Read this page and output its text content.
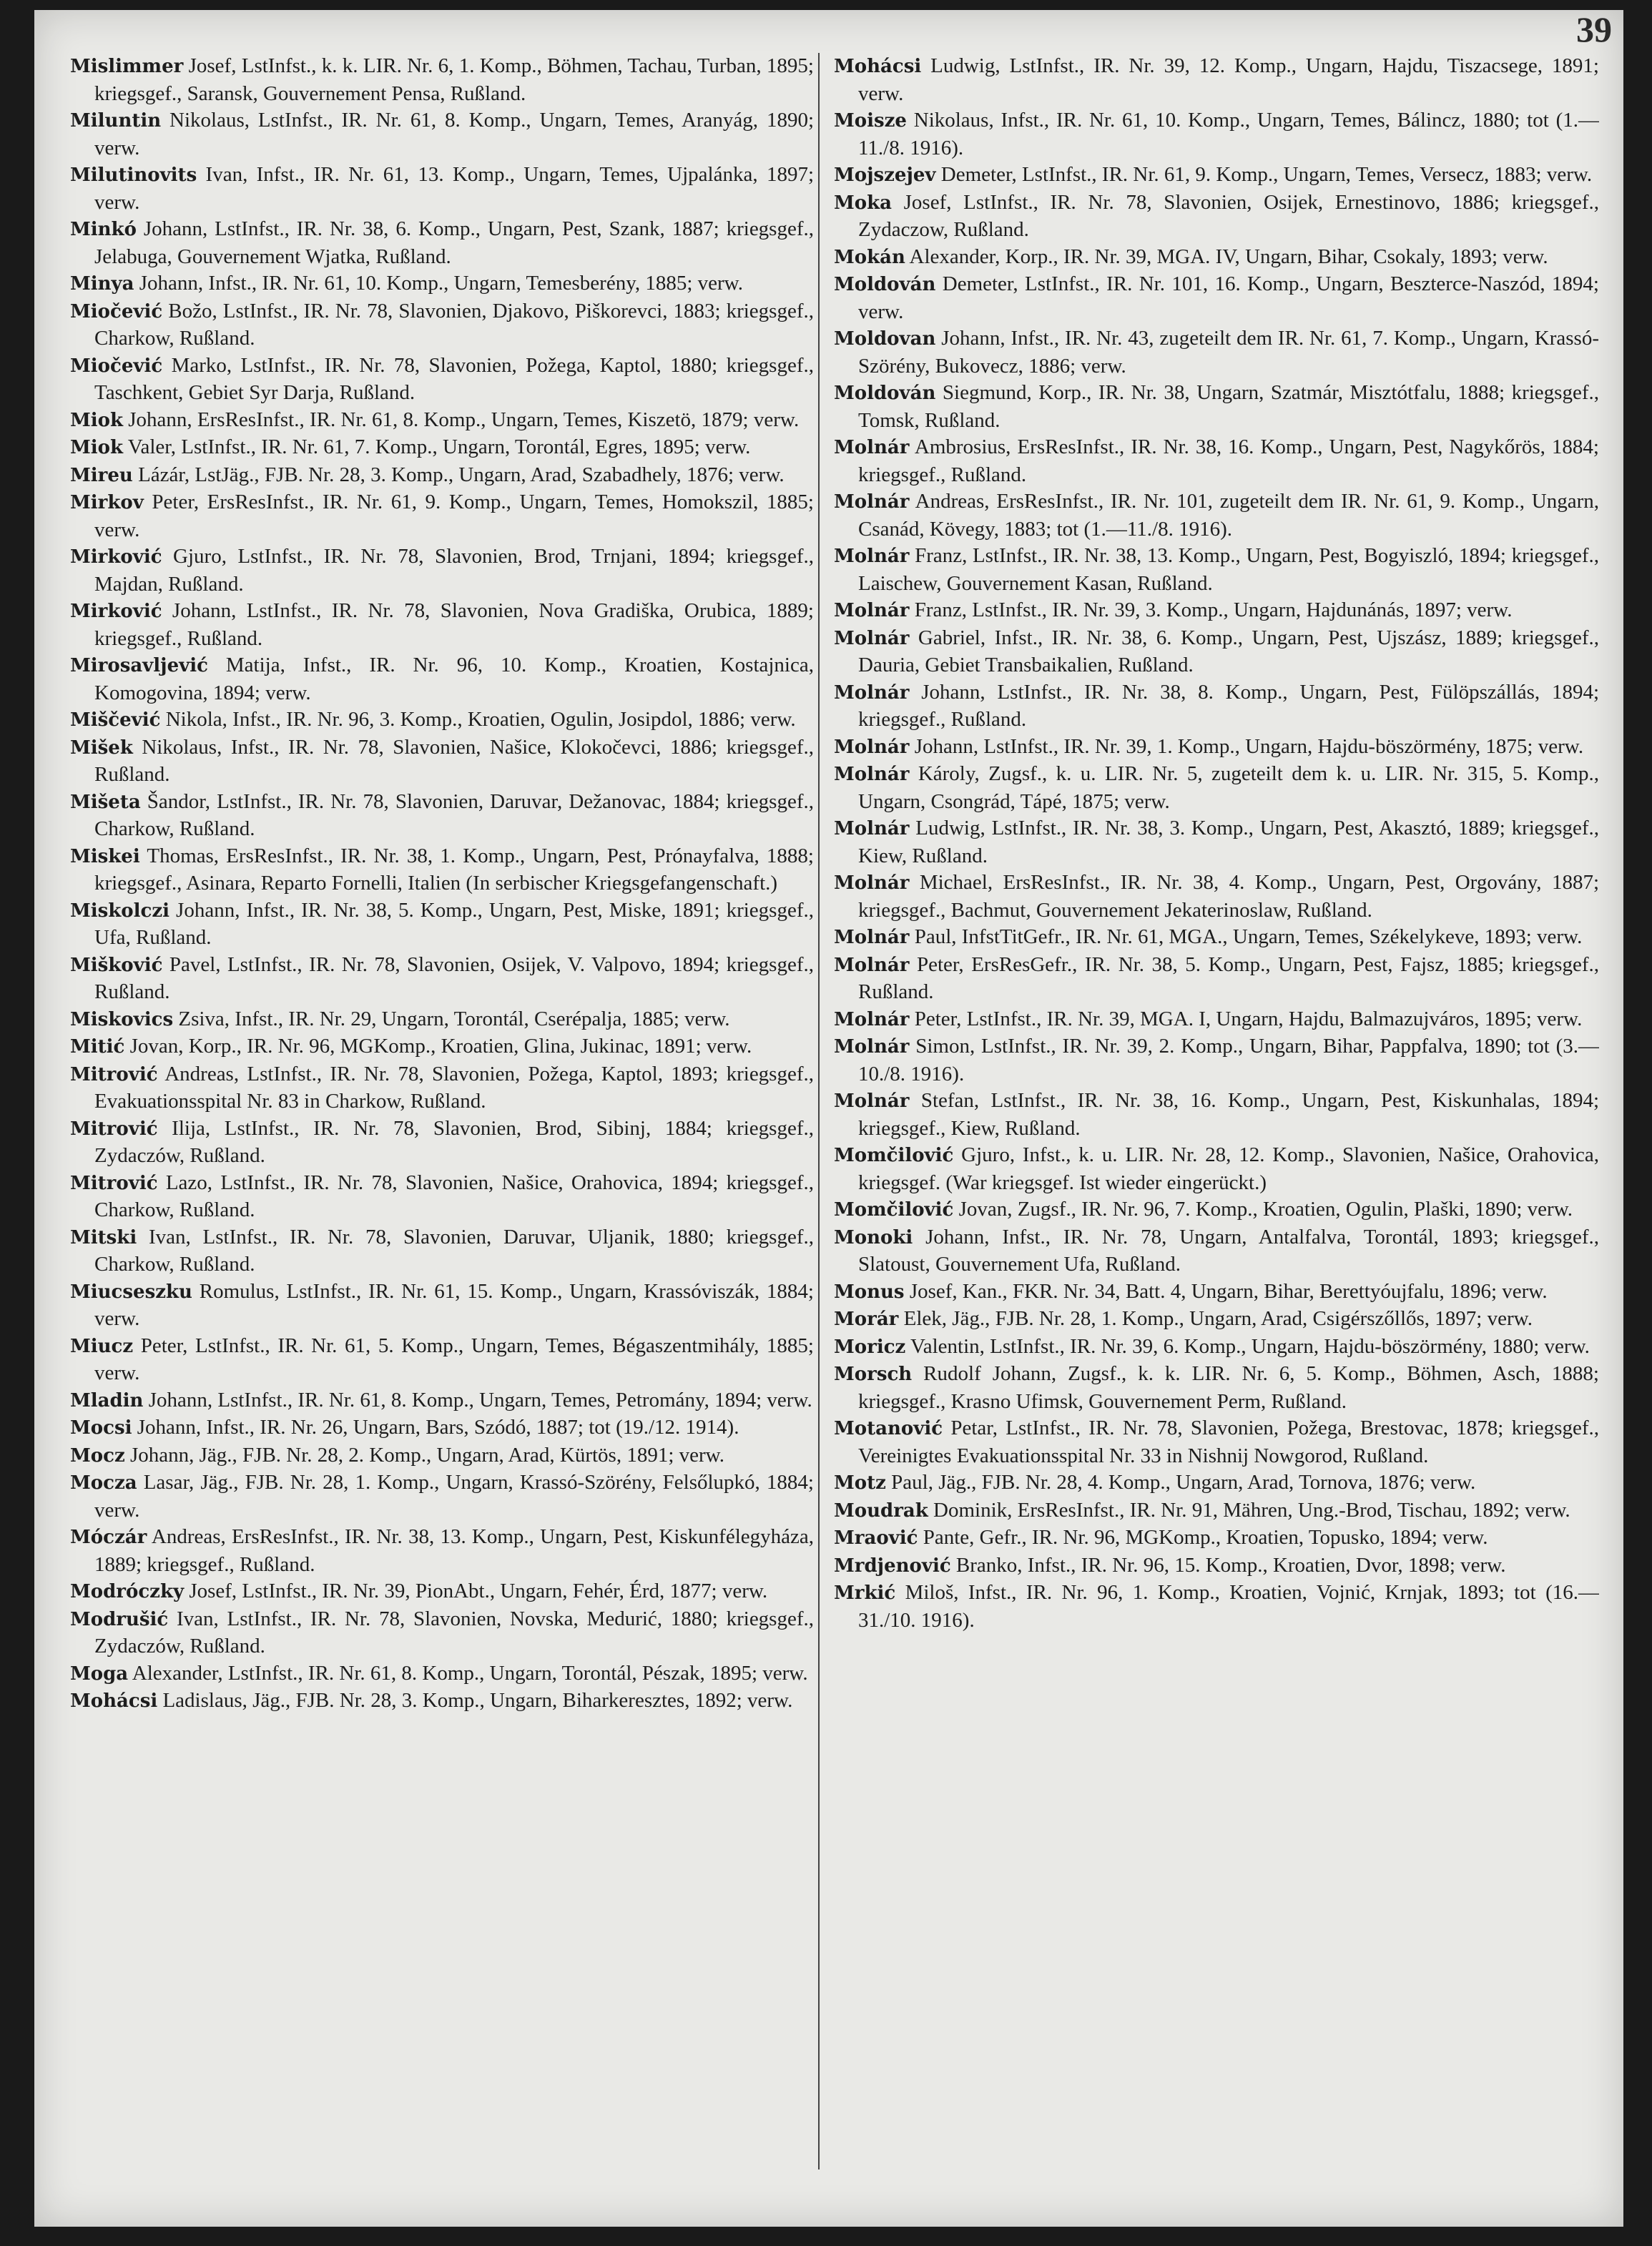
39

Mislimmer Josef, LstInfst., k. k. LIR. Nr. 6, 1. Komp., Böhmen, Tachau, Turban, 1895; kriegsgef., Saransk, Gouvernement Pensa, Rußland.

Miluntin Nikolaus, LstInfst., IR. Nr. 61, 8. Komp., Ungarn, Temes, Aranyág, 1890; verw.

Milutinovits Ivan, Infst., IR. Nr. 61, 13. Komp., Ungarn, Temes, Ujpalánka, 1897; verw.

Minkó Johann, LstInfst., IR. Nr. 38, 6. Komp., Ungarn, Pest, Szank, 1887; kriegsgef., Jelabuga, Gouvernement Wjatka, Rußland.

Minya Johann, Infst., IR. Nr. 61, 10. Komp., Ungarn, Temesberény, 1885; verw.

Miočević Božo, LstInfst., IR. Nr. 78, Slavonien, Djakovo, Piškorevci, 1883; kriegsgef., Charkow, Rußland.

Miočević Marko, LstInfst., IR. Nr. 78, Slavonien, Požega, Kaptol, 1880; kriegsgef., Taschkent, Gebiet Syr Darja, Rußland.

Miok Johann, ErsResInfst., IR. Nr. 61, 8. Komp., Ungarn, Temes, Kiszetö, 1879; verw.

Miok Valer, LstInfst., IR. Nr. 61, 7. Komp., Ungarn, Torontál, Egres, 1895; verw.

Mireu Lázár, LstJäg., FJB. Nr. 28, 3. Komp., Ungarn, Arad, Szabadhely, 1876; verw.

Mirkov Peter, ErsResInfst., IR. Nr. 61, 9. Komp., Ungarn, Temes, Homokszil, 1885; verw.

Mirković Gjuro, LstInfst., IR. Nr. 78, Slavonien, Brod, Trnjani, 1894; kriegsgef., Majdan, Rußland.

Mirković Johann, LstInfst., IR. Nr. 78, Slavonien, Nova Gradiška, Orubica, 1889; kriegsgef., Rußland.

Mirosavljević Matija, Infst., IR. Nr. 96, 10. Komp., Kroatien, Kostajnica, Komogovina, 1894; verw.

Miščević Nikola, Infst., IR. Nr. 96, 3. Komp., Kroatien, Ogulin, Josipdol, 1886; verw.

Mišek Nikolaus, Infst., IR. Nr. 78, Slavonien, Našice, Klokočevci, 1886; kriegsgef., Rußland.

Mišeta Šandor, LstInfst., IR. Nr. 78, Slavonien, Daruvar, Dežanovac, 1884; kriegsgef., Charkow, Rußland.

Miskei Thomas, ErsResInfst., IR. Nr. 38, 1. Komp., Ungarn, Pest, Prónayfalva, 1888; kriegsgef., Asinara, Reparto Fornelli, Italien (In serbischer Kriegsgefangenschaft.)

Miskolczi Johann, Infst., IR. Nr. 38, 5. Komp., Ungarn, Pest, Miske, 1891; kriegsgef., Ufa, Rußland.

Mišković Pavel, LstInfst., IR. Nr. 78, Slavonien, Osijek, V. Valpovo, 1894; kriegsgef., Rußland.

Miskovics Zsiva, Infst., IR. Nr. 29, Ungarn, Torontál, Cserépalja, 1885; verw.

Mitić Jovan, Korp., IR. Nr. 96, MGKomp., Kroatien, Glina, Jukinac, 1891; verw.

Mitrović Andreas, LstInfst., IR. Nr. 78, Slavonien, Požega, Kaptol, 1893; kriegsgef., Evakuationsspital Nr. 83 in Charkow, Rußland.

Mitrović Ilija, LstInfst., IR. Nr. 78, Slavonien, Brod, Sibinj, 1884; kriegsgef., Zydaczów, Rußland.

Mitrović Lazo, LstInfst., IR. Nr. 78, Slavonien, Našice, Orahovica, 1894; kriegsgef., Charkow, Rußland.

Mitski Ivan, LstInfst., IR. Nr. 78, Slavonien, Daruvar, Uljanik, 1880; kriegsgef., Charkow, Rußland.

Miucseszku Romulus, LstInfst., IR. Nr. 61, 15. Komp., Ungarn, Krassóviszák, 1884; verw.

Miucz Peter, LstInfst., IR. Nr. 61, 5. Komp., Ungarn, Temes, Bégaszentmihály, 1885; verw.

Mladin Johann, LstInfst., IR. Nr. 61, 8. Komp., Ungarn, Temes, Petromány, 1894; verw.

Mocsi Johann, Infst., IR. Nr. 26, Ungarn, Bars, Szódó, 1887; tot (19./12. 1914).

Mocz Johann, Jäg., FJB. Nr. 28, 2. Komp., Ungarn, Arad, Kürtös, 1891; verw.

Mocza Lasar, Jäg., FJB. Nr. 28, 1. Komp., Ungarn, Krassó-Szörény, Felsőlupkó, 1884; verw.

Móczár Andreas, ErsResInfst., IR. Nr. 38, 13. Komp., Ungarn, Pest, Kiskunfélegyháza, 1889; kriegsgef., Rußland.

Modróczky Josef, LstInfst., IR. Nr. 39, PionAbt., Ungarn, Fehér, Érd, 1877; verw.

Modrušić Ivan, LstInfst., IR. Nr. 78, Slavonien, Novska, Medurić, 1880; kriegsgef., Zydaczów, Rußland.

Moga Alexander, LstInfst., IR. Nr. 61, 8. Komp., Ungarn, Torontál, Pészak, 1895; verw.

Mohácsi Ladislaus, Jäg., FJB. Nr. 28, 3. Komp., Ungarn, Biharkeresztes, 1892; verw.

Mohácsi Ludwig, LstInfst., IR. Nr. 39, 12. Komp., Ungarn, Hajdu, Tiszacsege, 1891; verw.

Moisze Nikolaus, Infst., IR. Nr. 61, 10. Komp., Ungarn, Temes, Bálincz, 1880; tot (1.—11./8. 1916).

Mojszejev Demeter, LstInfst., IR. Nr. 61, 9. Komp., Ungarn, Temes, Versecz, 1883; verw.

Moka Josef, LstInfst., IR. Nr. 78, Slavonien, Osijek, Ernestinovo, 1886; kriegsgef., Zydaczow, Rußland.

Mokán Alexander, Korp., IR. Nr. 39, MGA. IV, Ungarn, Bihar, Csokaly, 1893; verw.

Moldován Demeter, LstInfst., IR. Nr. 101, 16. Komp., Ungarn, Beszterce-Naszód, 1894; verw.

Moldovan Johann, Infst., IR. Nr. 43, zugeteilt dem IR. Nr. 61, 7. Komp., Ungarn, Krassó-Szörény, Bukovecz, 1886; verw.

Moldován Siegmund, Korp., IR. Nr. 38, Ungarn, Szatmár, Misztótfalu, 1888; kriegsgef., Tomsk, Rußland.

Molnár Ambrosius, ErsResInfst., IR. Nr. 38, 16. Komp., Ungarn, Pest, Nagykőrös, 1884; kriegsgef., Rußland.

Molnár Andreas, ErsResInfst., IR. Nr. 101, zugeteilt dem IR. Nr. 61, 9. Komp., Ungarn, Csanád, Kövegy, 1883; tot (1.—11./8. 1916).

Molnár Franz, LstInfst., IR. Nr. 38, 13. Komp., Ungarn, Pest, Bogyiszló, 1894; kriegsgef., Laischew, Gouvernement Kasan, Rußland.

Molnár Franz, LstInfst., IR. Nr. 39, 3. Komp., Ungarn, Hajdunánás, 1897; verw.

Molnár Gabriel, Infst., IR. Nr. 38, 6. Komp., Ungarn, Pest, Ujszász, 1889; kriegsgef., Dauria, Gebiet Transbaikalien, Rußland.

Molnár Johann, LstInfst., IR. Nr. 38, 8. Komp., Ungarn, Pest, Fülöpszállás, 1894; kriegsgef., Rußland.

Molnár Johann, LstInfst., IR. Nr. 39, 1. Komp., Ungarn, Hajdu-böszörmény, 1875; verw.

Molnár Károly, Zugsf., k. u. LIR. Nr. 5, zugeteilt dem k. u. LIR. Nr. 315, 5. Komp., Ungarn, Csongrád, Tápé, 1875; verw.

Molnár Ludwig, LstInfst., IR. Nr. 38, 3. Komp., Ungarn, Pest, Akasztó, 1889; kriegsgef., Kiew, Rußland.

Molnár Michael, ErsResInfst., IR. Nr. 38, 4. Komp., Ungarn, Pest, Orgovány, 1887; kriegsgef., Bachmut, Gouvernement Jekaterinoslaw, Rußland.

Molnár Paul, InfstTitGefr., IR. Nr. 61, MGA., Ungarn, Temes, Székelykeve, 1893; verw.

Molnár Peter, ErsResGefr., IR. Nr. 38, 5. Komp., Ungarn, Pest, Fajsz, 1885; kriegsgef., Rußland.

Molnár Peter, LstInfst., IR. Nr. 39, MGA. I, Ungarn, Hajdu, Balmazujváros, 1895; verw.

Molnár Simon, LstInfst., IR. Nr. 39, 2. Komp., Ungarn, Bihar, Pappfalva, 1890; tot (3.—10./8. 1916).

Molnár Stefan, LstInfst., IR. Nr. 38, 16. Komp., Ungarn, Pest, Kiskunhalas, 1894; kriegsgef., Kiew, Rußland.

Momčilović Gjuro, Infst., k. u. LIR. Nr. 28, 12. Komp., Slavonien, Našice, Orahovica, kriegsgef. (War kriegsgef. Ist wieder eingerückt.)

Momčilović Jovan, Zugsf., IR. Nr. 96, 7. Komp., Kroatien, Ogulin, Plaški, 1890; verw.

Monoki Johann, Infst., IR. Nr. 78, Ungarn, Antalfalva, Torontál, 1893; kriegsgef., Slatoust, Gouvernement Ufa, Rußland.

Monus Josef, Kan., FKR. Nr. 34, Batt. 4, Ungarn, Bihar, Berettyóujfalu, 1896; verw.

Morár Elek, Jäg., FJB. Nr. 28, 1. Komp., Ungarn, Arad, Csigérszőllős, 1897; verw.

Moricz Valentin, LstInfst., IR. Nr. 39, 6. Komp., Ungarn, Hajdu-böszörmény, 1880; verw.

Morsch Rudolf Johann, Zugsf., k. k. LIR. Nr. 6, 5. Komp., Böhmen, Asch, 1888; kriegsgef., Krasno Ufimsk, Gouvernement Perm, Rußland.

Motanović Petar, LstInfst., IR. Nr. 78, Slavonien, Požega, Brestovac, 1878; kriegsgef., Vereinigtes Evakuationsspital Nr. 33 in Nishnij Nowgorod, Rußland.

Motz Paul, Jäg., FJB. Nr. 28, 4. Komp., Ungarn, Arad, Tornova, 1876; verw.

Moudrak Dominik, ErsResInfst., IR. Nr. 91, Mähren, Ung.-Brod, Tischau, 1892; verw.

Mraović Pante, Gefr., IR. Nr. 96, MGKomp., Kroatien, Topusko, 1894; verw.

Mrdjenović Branko, Infst., IR. Nr. 96, 15. Komp., Kroatien, Dvor, 1898; verw.

Mrkić Miloš, Infst., IR. Nr. 96, 1. Komp., Kroatien, Vojnić, Krnjak, 1893; tot (16.—31./10. 1916).
